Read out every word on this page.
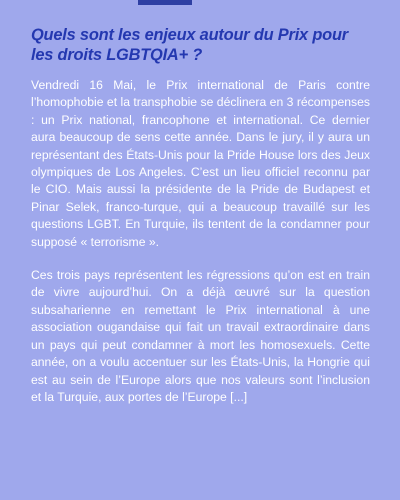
Quels sont les enjeux autour du Prix pour les droits LGBTQIA+ ?

Vendredi 16 Mai, le Prix international de Paris contre l’homophobie et la transphobie se déclinera en 3 récompenses : un Prix national, francophone et international. Ce dernier aura beaucoup de sens cette année. Dans le jury, il y aura un représentant des États-Unis pour la Pride House lors des Jeux olympiques de Los Angeles. C’est un lieu officiel reconnu par le CIO. Mais aussi la présidente de la Pride de Budapest et Pinar Selek, franco-turque, qui a beaucoup travaillé sur les questions LGBT. En Turquie, ils tentent de la condamner pour supposé « terrorisme ».

Ces trois pays représentent les régressions qu’on est en train de vivre aujourd’hui. On a déjà œuvré sur la question subsaharienne en remettant le Prix international à une association ougandaise qui fait un travail extraordinaire dans un pays qui peut condamner à mort les homosexuels. Cette année, on a voulu accentuer sur les États-Unis, la Hongrie qui est au sein de l’Europe alors que nos valeurs sont l’inclusion et la Turquie, aux portes de l’Europe [...]
